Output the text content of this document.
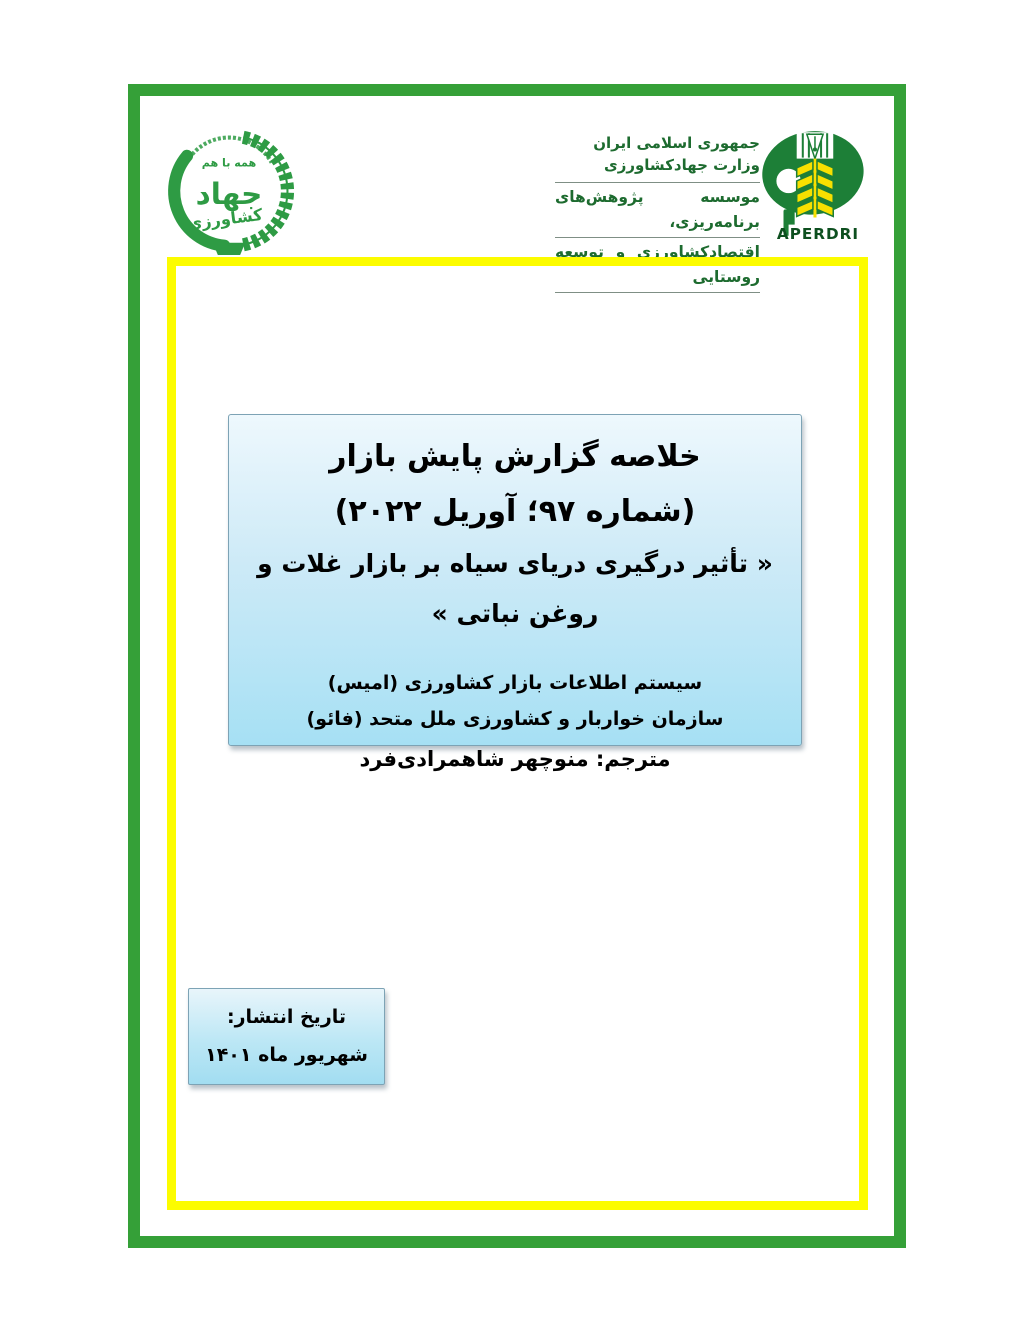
همه با هم
جهاد
کشاورزی

جمهوری اسلامی ایران

وزارت جهادکشاورزی

موسسه پژوهش‌های برنامه‌ریزی،

اقتصادکشاورزی و توسعه روستایی

APERDRI

خلاصه گزارش پایش بازار

(شماره ۹۷؛ آوریل ۲۰۲۲)

« تأثیر درگیری دریای سیاه بر بازار غلات و روغن نباتی »

سیستم اطلاعات بازار کشاورزی (امیس)

سازمان خواربار و کشاورزی ملل متحد (فائو)

مترجم: منوچهر شاهمرادی‌فرد

تاریخ انتشار:

شهریور ماه ۱۴۰۱
